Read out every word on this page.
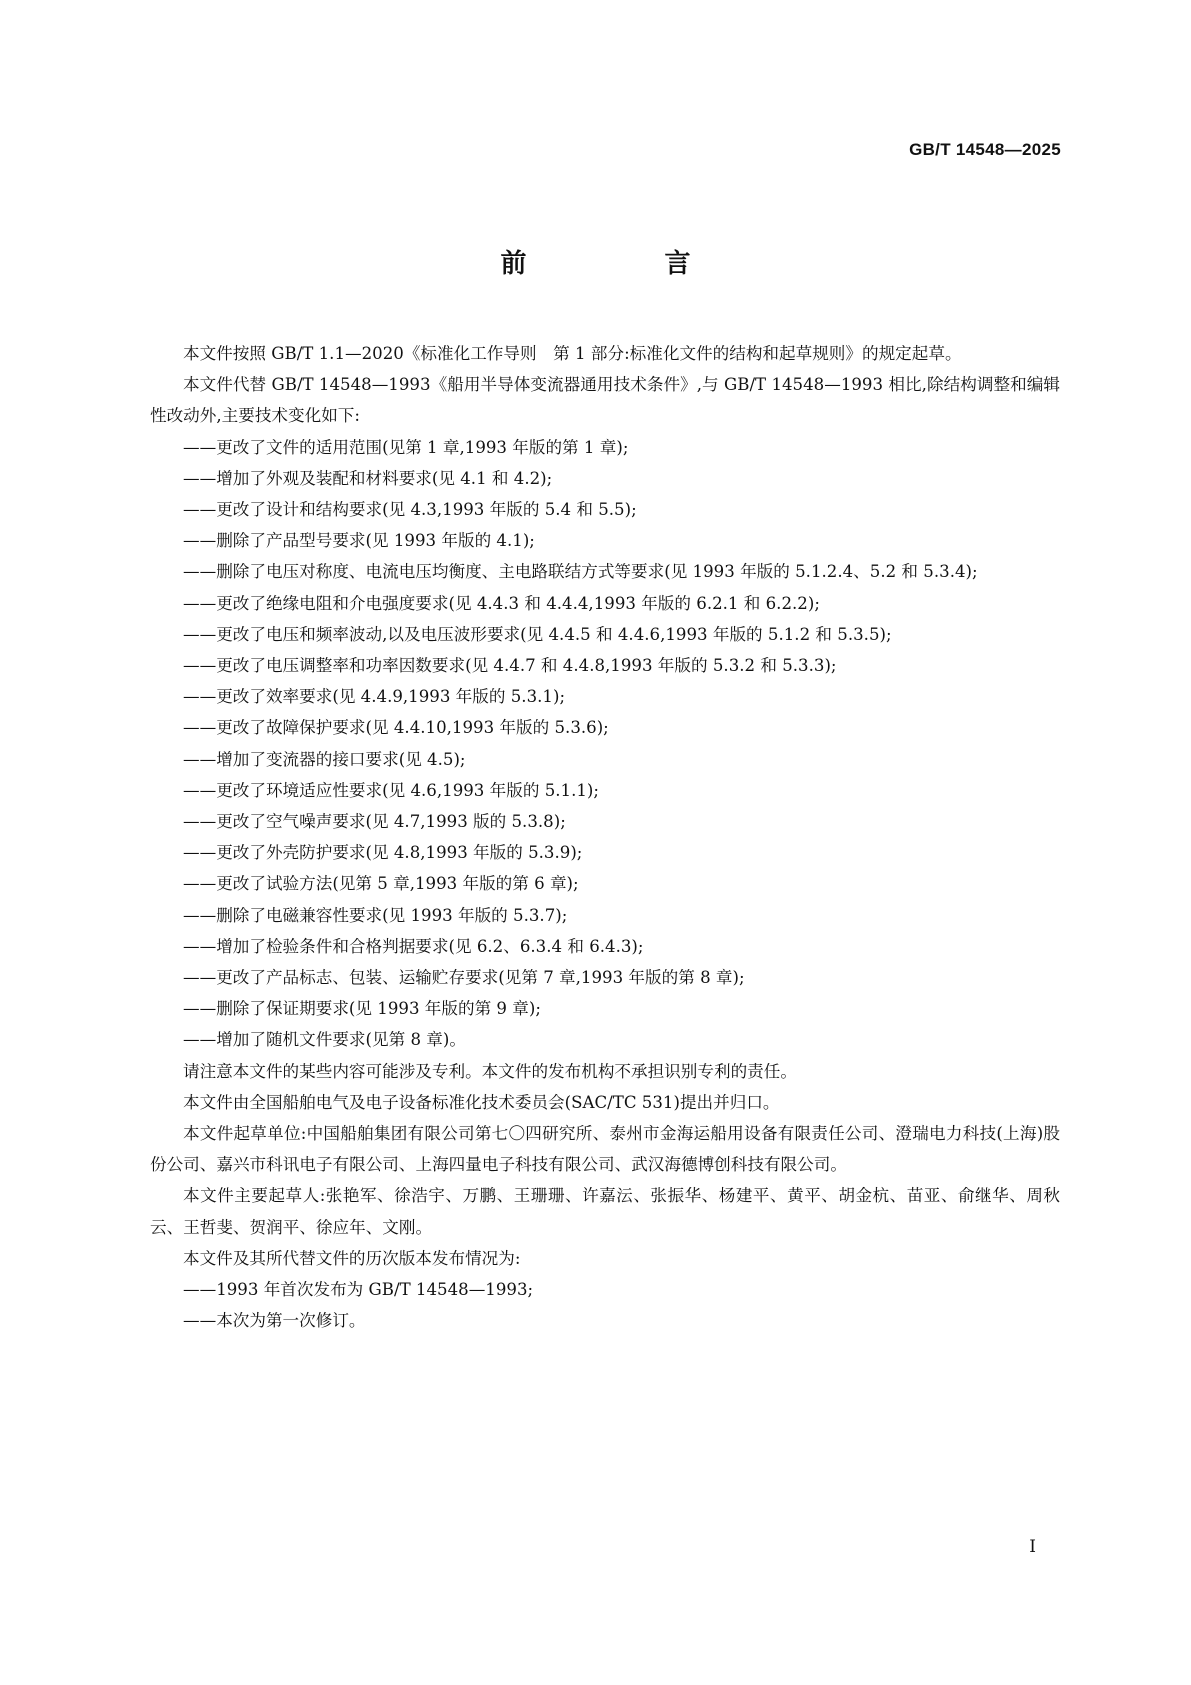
GB/T 14548—2025
前　言

本文件按照 GB/T 1.1—2020《标准化工作导则　第 1 部分:标准化文件的结构和起草规则》的规定起草。

本文件代替 GB/T 14548—1993《船用半导体变流器通用技术条件》,与 GB/T 14548—1993 相比,除结构调整和编辑性改动外,主要技术变化如下:

——更改了文件的适用范围(见第 1 章,1993 年版的第 1 章);

——增加了外观及装配和材料要求(见 4.1 和 4.2);

——更改了设计和结构要求(见 4.3,1993 年版的 5.4 和 5.5);

——删除了产品型号要求(见 1993 年版的 4.1);

——删除了电压对称度、电流电压均衡度、主电路联结方式等要求(见 1993 年版的 5.1.2.4、5.2 和 5.3.4);

——更改了绝缘电阻和介电强度要求(见 4.4.3 和 4.4.4,1993 年版的 6.2.1 和 6.2.2);

——更改了电压和频率波动,以及电压波形要求(见 4.4.5 和 4.4.6,1993 年版的 5.1.2 和 5.3.5);

——更改了电压调整率和功率因数要求(见 4.4.7 和 4.4.8,1993 年版的 5.3.2 和 5.3.3);

——更改了效率要求(见 4.4.9,1993 年版的 5.3.1);

——更改了故障保护要求(见 4.4.10,1993 年版的 5.3.6);

——增加了变流器的接口要求(见 4.5);

——更改了环境适应性要求(见 4.6,1993 年版的 5.1.1);

——更改了空气噪声要求(见 4.7,1993 版的 5.3.8);

——更改了外壳防护要求(见 4.8,1993 年版的 5.3.9);

——更改了试验方法(见第 5 章,1993 年版的第 6 章);

——删除了电磁兼容性要求(见 1993 年版的 5.3.7);

——增加了检验条件和合格判据要求(见 6.2、6.3.4 和 6.4.3);

——更改了产品标志、包装、运输贮存要求(见第 7 章,1993 年版的第 8 章);

——删除了保证期要求(见 1993 年版的第 9 章);

——增加了随机文件要求(见第 8 章)。

请注意本文件的某些内容可能涉及专利。本文件的发布机构不承担识别专利的责任。

本文件由全国船舶电气及电子设备标准化技术委员会(SAC/TC 531)提出并归口。

本文件起草单位:中国船舶集团有限公司第七〇四研究所、泰州市金海运船用设备有限责任公司、澄瑞电力科技(上海)股份公司、嘉兴市科讯电子有限公司、上海四量电子科技有限公司、武汉海德博创科技有限公司。

本文件主要起草人:张艳军、徐浩宇、万鹏、王珊珊、许嘉沄、张振华、杨建平、黄平、胡金杭、苗亚、俞继华、周秋云、王哲斐、贺润平、徐应年、文刚。

本文件及其所代替文件的历次版本发布情况为:

——1993 年首次发布为 GB/T 14548—1993;

——本次为第一次修订。

I
